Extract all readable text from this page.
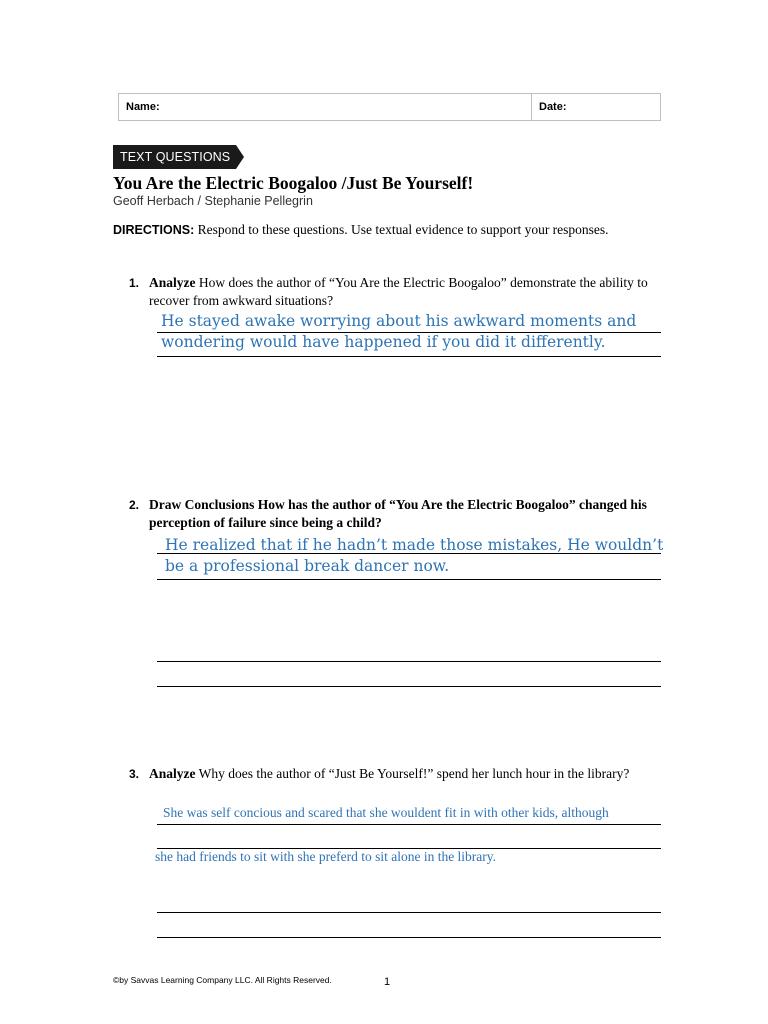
Name:	Date:
TEXT QUESTIONS
You Are the Electric Boogaloo /Just Be Yourself!
Geoff Herbach / Stephanie Pellegrin
DIRECTIONS: Respond to these questions. Use textual evidence to support your responses.
1. Analyze How does the author of “You Are the Electric Boogaloo” demonstrate the ability to recover from awkward situations?
He stayed awake worrying about his awkward moments and
wondering would have happened if you did it differently.
2. Draw Conclusions How has the author of “You Are the Electric Boogaloo” changed his perception of failure since being a child?
He realized that if he hadn’t made those mistakes, He wouldn’t
be a professional break dancer now.
3. Analyze Why does the author of “Just Be Yourself!” spend her lunch hour in the library?
She was self concious and scared that she wouldent fit in with other kids, although
she had friends to sit with she preferd to sit alone in the library.
©by Savvas Learning Company LLC. All Rights Reserved.	1
